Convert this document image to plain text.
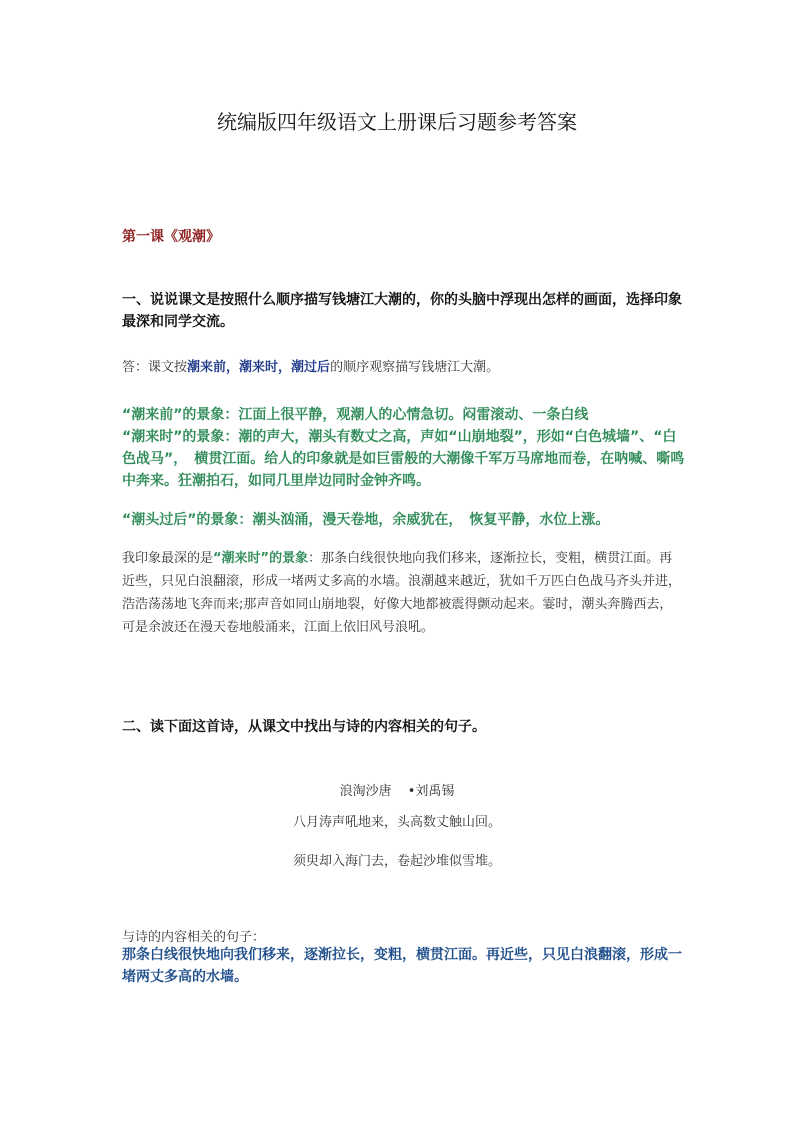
统编版四年级语文上册课后习题参考答案
第一课《观潮》
一、说说课文是按照什么顺序描写钱塘江大潮的，你的头脑中浮现出怎样的画面，选择印象最深和同学交流。
答：课文按潮来前，潮来时，潮过后的顺序观察描写钱塘江大潮。
“潮来前”的景象：江面上很平静，观潮人的心情急切。闷雷滚动、一条白线
“潮来时”的景象：潮的声大，潮头有数丈之高，声如“山崩地裂”，形如“白色城墙”、“白色战马”，　横贯江面。给人的印象就是如巨雷般的大潮像千军万马席地而卷，在呐喊、嘶鸣中奔来。狂潮拍石，如同几里岸边同时金钟齐鸣。
“潮头过后”的景象：潮头汹涌，漫天卷地，余威犹在，　恢复平静，水位上涨。
我印象最深的是“潮来时”的景象：那条白线很快地向我们移来，逐渐拉长，变粗，横贯江面。再近些，只见白浪翻滚，形成一堵两丈多高的水墙。浪潮越来越近，犹如千万匹白色战马齐头并进，浩浩荡荡地飞奔而来;那声音如同山崩地裂，好像大地都被震得颤动起来。霎时，潮头奔腾西去，可是余波还在漫天卷地般涌来，江面上依旧风号浪吼。
二、读下面这首诗，从课文中找出与诗的内容相关的句子。
浪淘沙唐 •刘禹锡
八月涛声吼地来，头高数丈触山回。
须臾却入海门去，卷起沙堆似雪堆。
与诗的内容相关的句子：
那条白线很快地向我们移来，逐渐拉长，变粗，横贯江面。再近些，只见白浪翻滚，形成一堵两丈多高的水墙。
